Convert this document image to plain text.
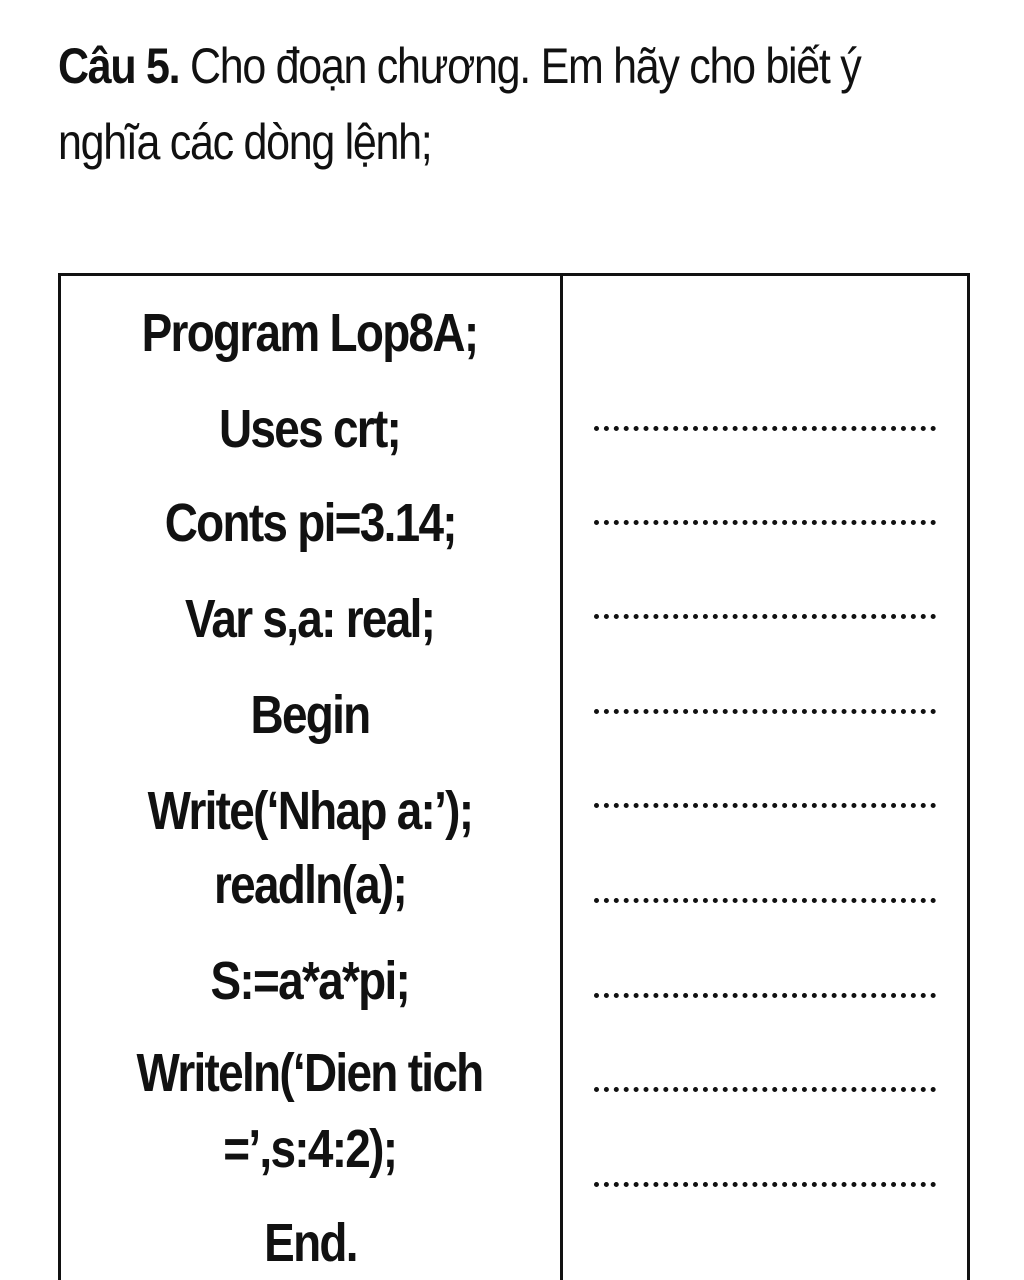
Câu 5. Cho đoạn chương. Em hãy cho biết ý
nghĩa các dòng lệnh;
Program Lop8A;
Uses crt;
Conts pi=3.14;
Var s,a: real;
Begin
Write(‘Nhap a:’);
readln(a);
S:=a*a*pi;
Writeln(‘Dien tich
=’,s:4:2);
End.
